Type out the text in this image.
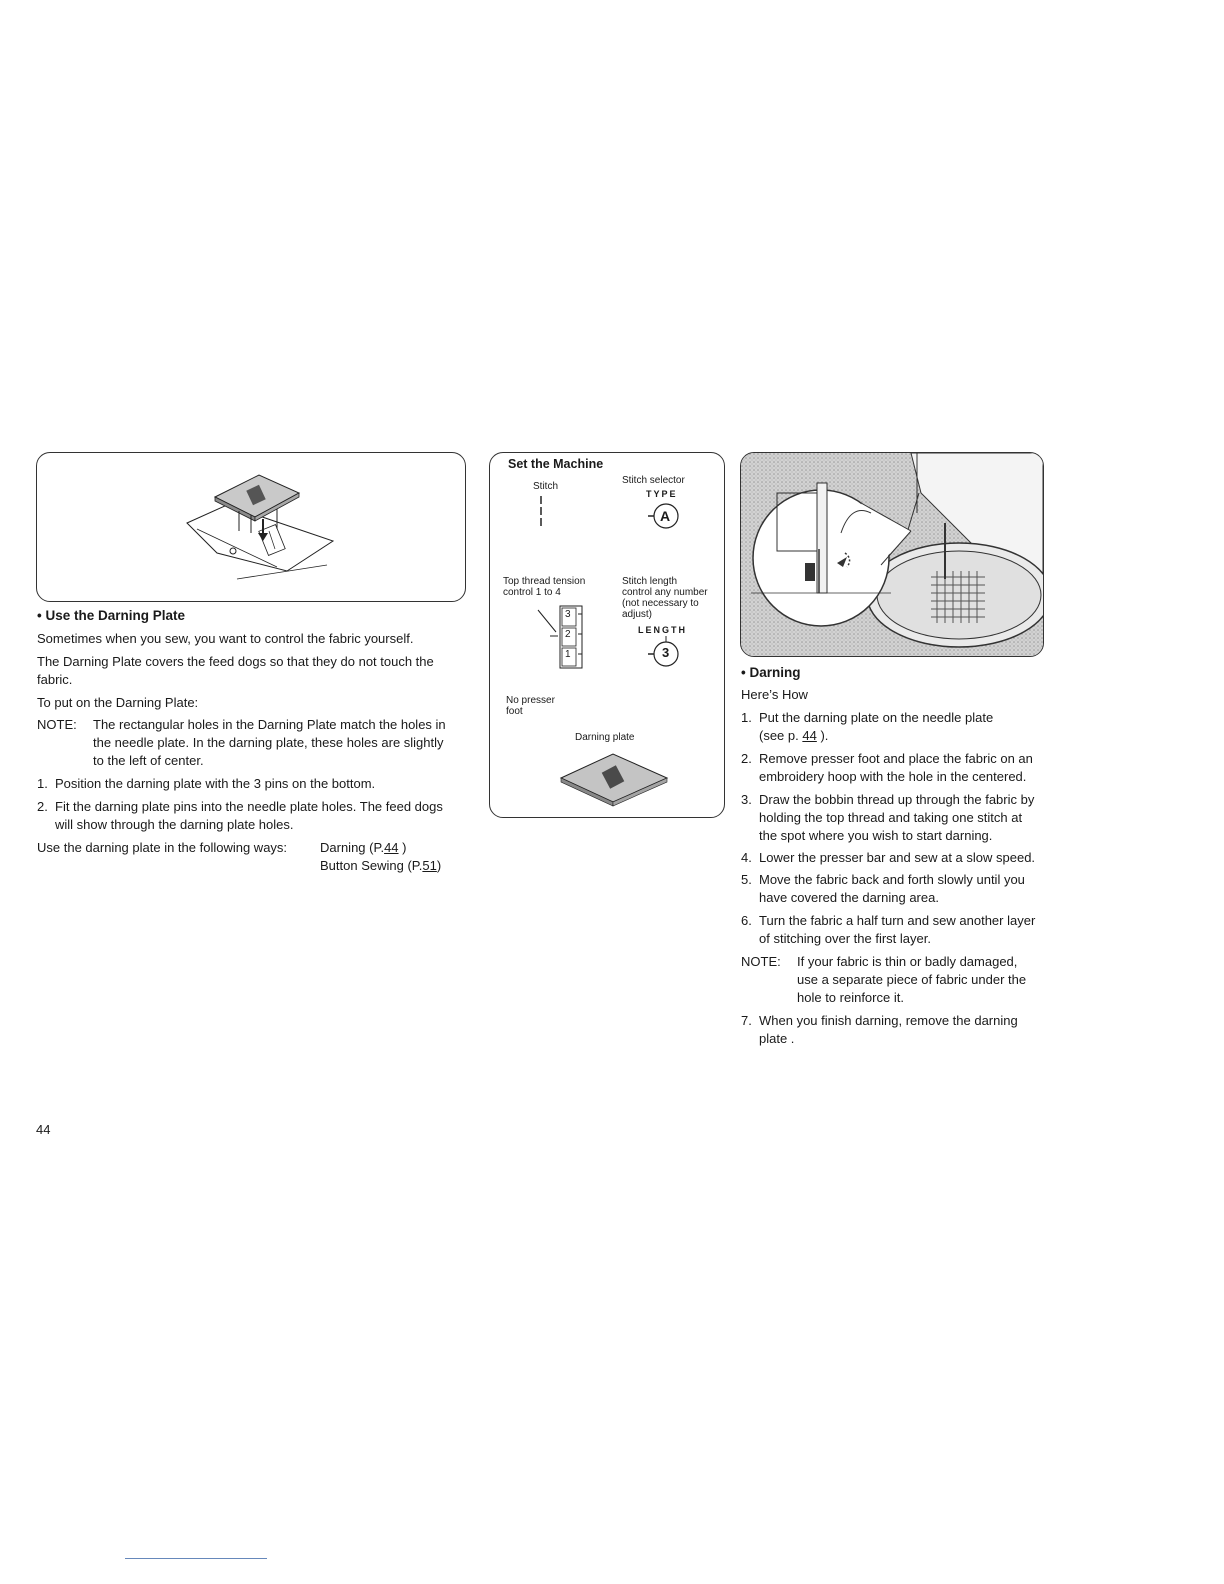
• Use the Darning Plate
Sometimes when you sew, you want to control the fabric yourself.
The Darning Plate covers the feed dogs so that they do not touch the
fabric.
To put on the Darning Plate:
NOTE: The rectangular holes in the Darning Plate match the holes in
the needle plate. In the darning plate, these holes are slightly
to the left of center.
1. Position the darning plate with the 3 pins on the bottom.
2. Fit the darning plate pins into the needle plate holes. The feed dogs
will show through the darning plate holes.
Use the darning plate in the following ways:	Darning (P.44 )
Button Sewing (P.51)
Set the Machine
Stitch
Stitch selector
TYPE
A
Top thread tension
control 1 to 4
3
2
1
Stitch length
control any number
(not necessary to
adjust)
LENGTH
3
No presser
foot
Darning plate
• Darning
Here’s How
1. Put the darning plate on the needle plate
(see p. 44 ).
2. Remove presser foot and place the fabric on an
embroidery hoop with the hole in the centered.
3. Draw the bobbin thread up through the fabric by
holding the top thread and taking one stitch at
the spot where you wish to start darning.
4. Lower the presser bar and sew at a slow speed.
5. Move the fabric back and forth slowly until you
have covered the darning area.
6. Turn the fabric a half turn and sew another layer
of stitching over the first layer.
NOTE: If your fabric is thin or badly damaged,
use a separate piece of fabric under the
hole to reinforce it.
7. When you finish darning, remove the darning
plate .
44
